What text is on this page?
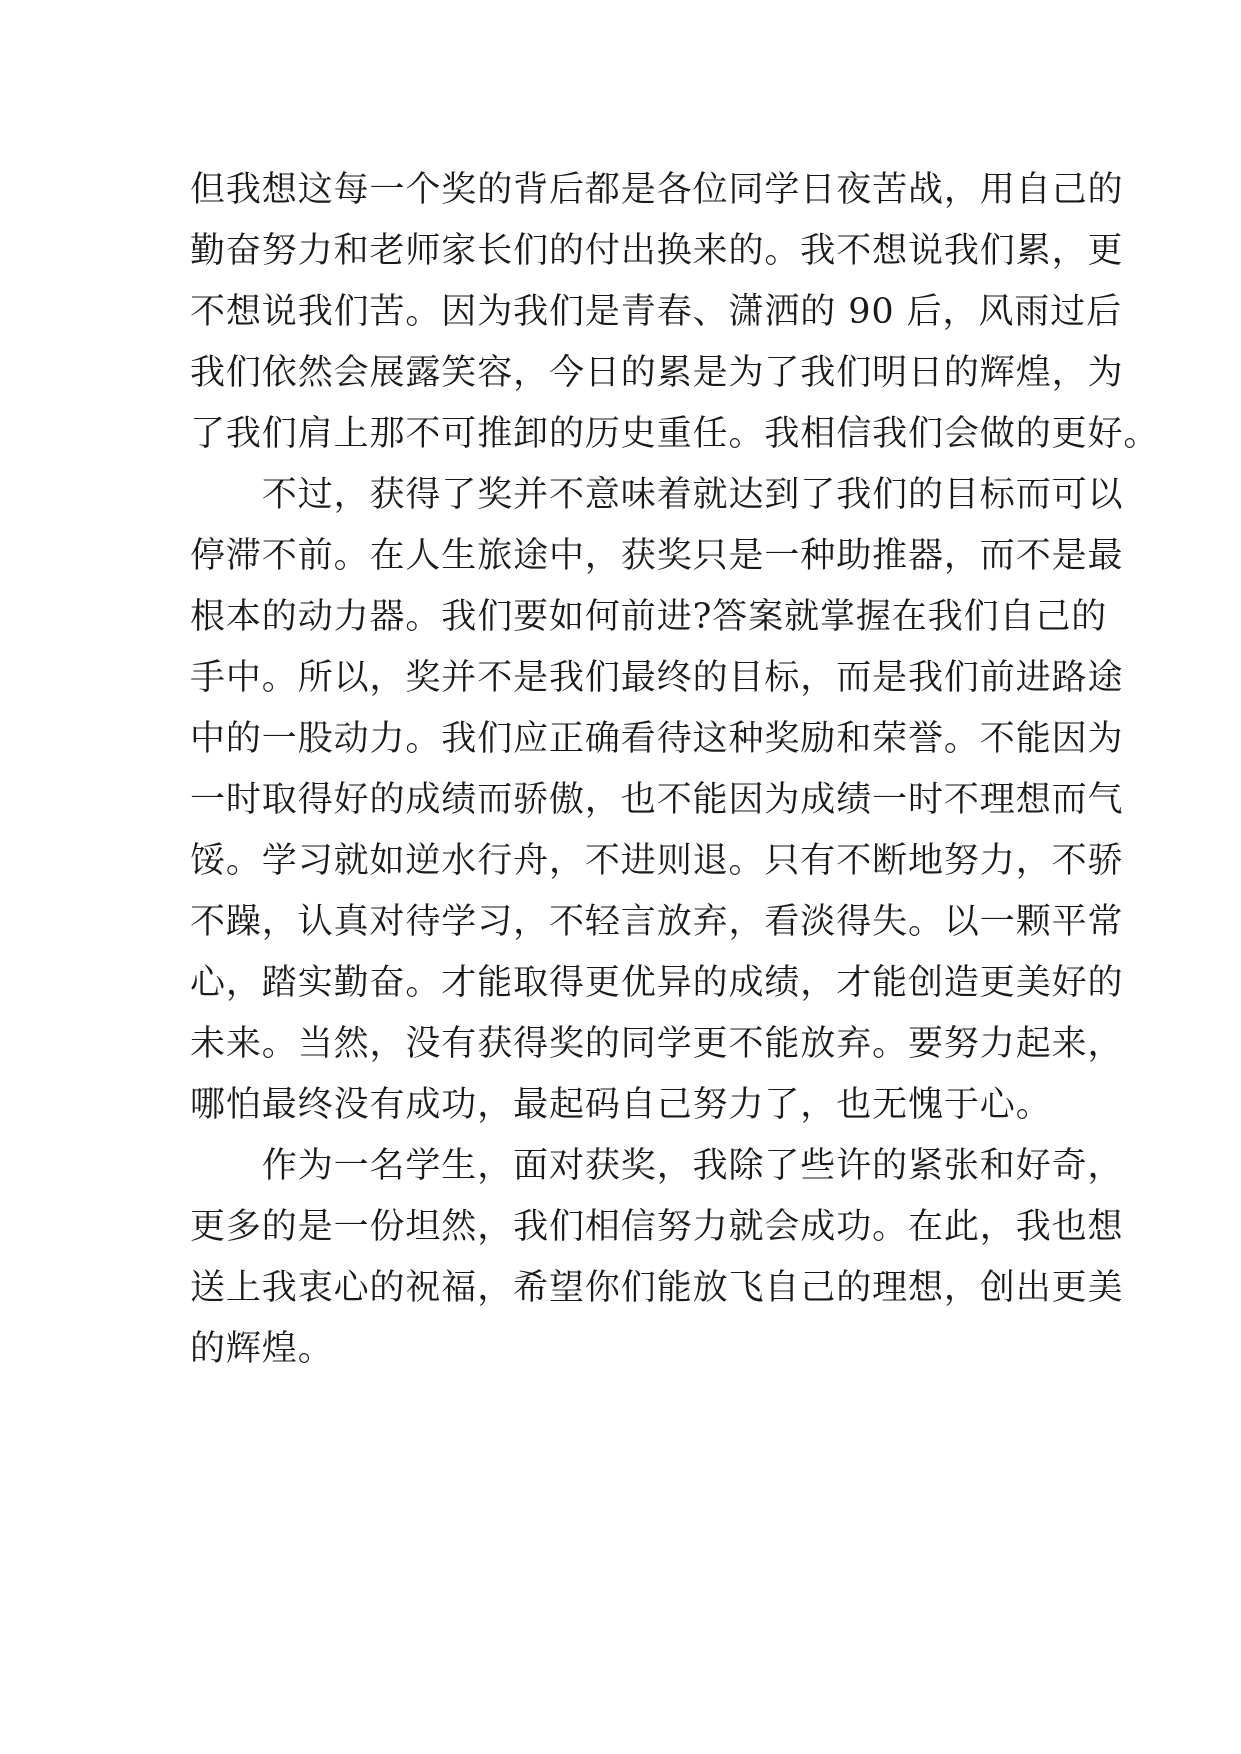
但我想这每一个奖的背后都是各位同学日夜苦战，用自己的
勤奋努力和老师家长们的付出换来的。我不想说我们累，更
不想说我们苦。因为我们是青春、潇洒的 90 后，风雨过后
我们依然会展露笑容，今日的累是为了我们明日的辉煌，为
了我们肩上那不可推卸的历史重任。我相信我们会做的更好。
　　不过，获得了奖并不意味着就达到了我们的目标而可以
停滞不前。在人生旅途中，获奖只是一种助推器，而不是最
根本的动力器。我们要如何前进?答案就掌握在我们自己的
手中。所以，奖并不是我们最终的目标，而是我们前进路途
中的一股动力。我们应正确看待这种奖励和荣誉。不能因为
一时取得好的成绩而骄傲，也不能因为成绩一时不理想而气
馁。学习就如逆水行舟，不进则退。只有不断地努力，不骄
不躁，认真对待学习，不轻言放弃，看淡得失。以一颗平常
心，踏实勤奋。才能取得更优异的成绩，才能创造更美好的
未来。当然，没有获得奖的同学更不能放弃。要努力起来，
哪怕最终没有成功，最起码自己努力了，也无愧于心。
　　作为一名学生，面对获奖，我除了些许的紧张和好奇，
更多的是一份坦然，我们相信努力就会成功。在此，我也想
送上我衷心的祝福，希望你们能放飞自己的理想，创出更美
的辉煌。
